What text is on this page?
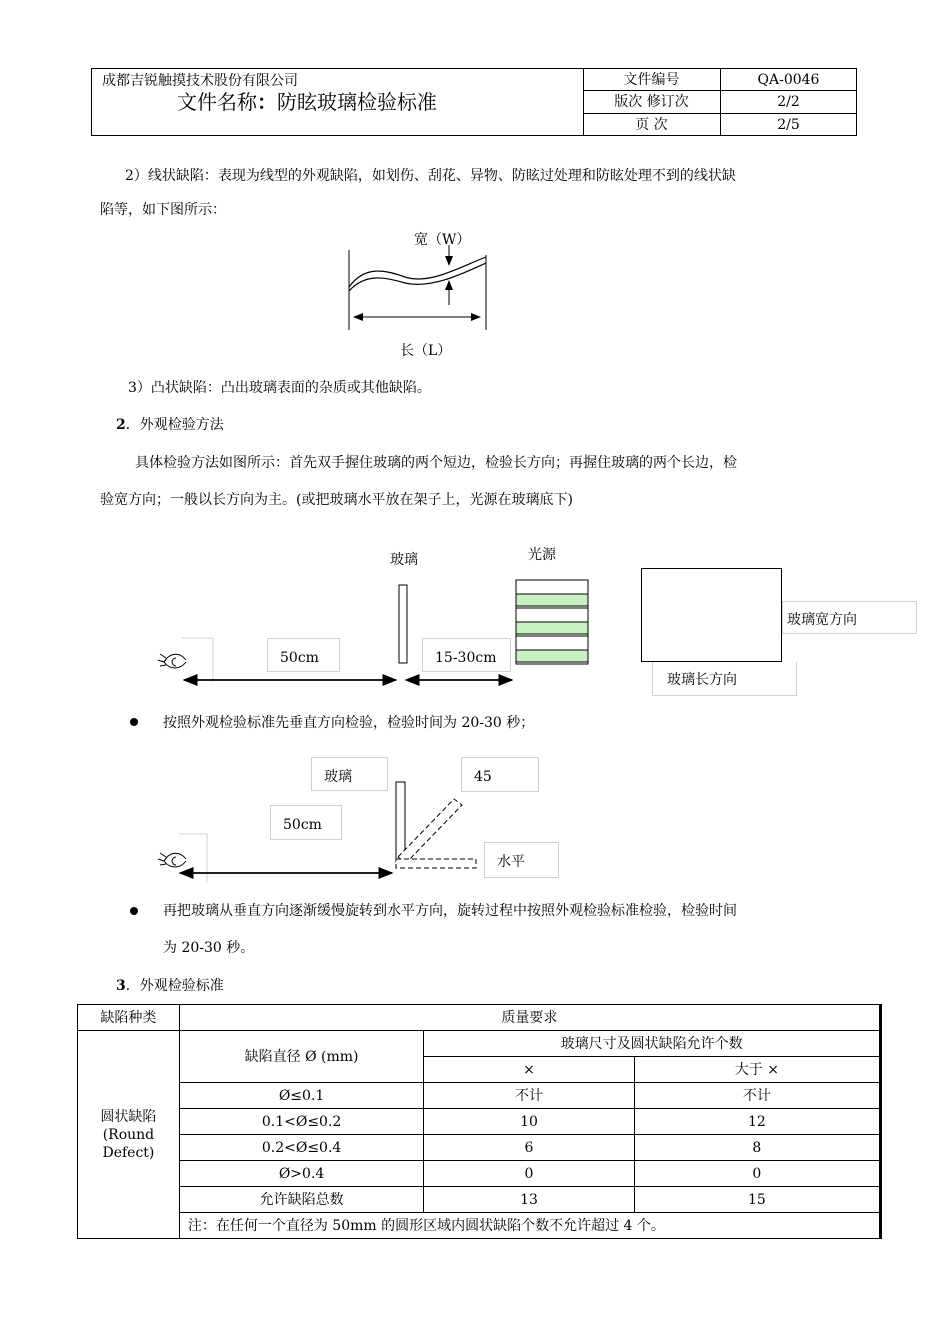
成都吉锐触摸技术股份有限公司
文件名称：防眩玻璃检验标准
文件编号	QA-0046
版次 修订次	2/2
页 次	2/5
2）线状缺陷：表现为线型的外观缺陷，如划伤、刮花、异物、防眩过处理和防眩处理不到的线状缺
陷等，如下图所示：
宽（W）
长（L）
3）凸状缺陷：凸出玻璃表面的杂质或其他缺陷。
2．外观检验方法
具体检验方法如图所示：首先双手握住玻璃的两个短边，检验长方向；再握住玻璃的两个长边，检
验宽方向；一般以长方向为主。(或把玻璃水平放在架子上，光源在玻璃底下)
玻璃	光源
50cm	15-30cm
玻璃宽方向
玻璃长方向
按照外观检验标准先垂直方向检验，检验时间为 20-30 秒；
玻璃	45
50cm
水平
再把玻璃从垂直方向逐渐缓慢旋转到水平方向，旋转过程中按照外观检验标准检验，检验时间
为 20-30 秒。
3．外观检验标准
缺陷种类	质量要求		

圆状缺陷
(Round
Defect)	缺陷直径 Ø (mm)	玻璃尺寸及圆状缺陷允许个数	
		×	大于 ×
	Ø≤0.1	不计	不计
	0.1<Ø≤0.2	10	12
	0.2<Ø≤0.4	6	8
	Ø>0.4	0	0
	允许缺陷总数	13	15
	注：在任何一个直径为 50mm 的圆形区域内圆状缺陷个数不允许超过 4 个。		
